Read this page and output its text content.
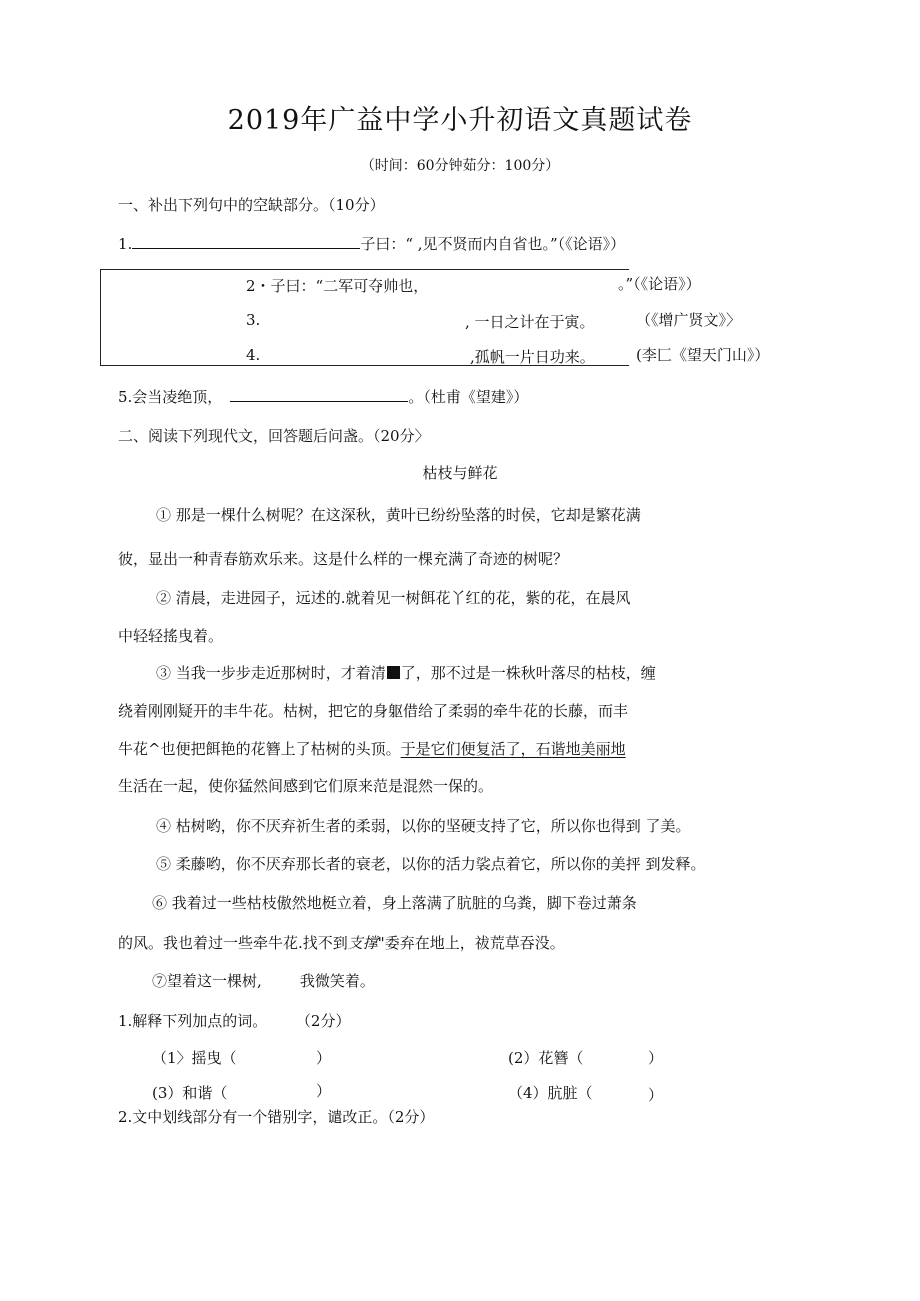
2019年广益中学小升初语文真题试卷
（时间：60分钟茹分：100分）
一、补出下列句中的空缺部分。（10分）
1.	子曰：“ ,见不贤而内自省也。”（《论语》）
2・子曰：“二军可夺帅也，	。”（《论语》）
3.	, 一日之计在于寅。	（《增广贤文》〉
4.	,孤帆一片日功来。	(李匚《望天门山》）
5.会当凌绝顶，	。（杜甫《望建》）
二、阅读下列现代文，回答题后问盏。（20分〉
枯枝与鲜花
① 那是一棵什么树呢？在这深秋，黄叶已纷纷坠落的时侯，它却是繁花满
彼，显出一种青春筋欢乐来。这是什么样的一棵充满了奇迹的树呢？
② 清晨，走进园子，远述的.就着见一树餌花丫红的花，紫的花，在晨风
中轻轻搖曳着。
③ 当我一步步走近那树时，才着清 了，那不过是一株秋叶落尽的枯枝，缠
绕着刚刚疑开的丰牛花。枯树，把它的身躯借给了柔弱的牵牛花的长藤，而丰
牛花^也便把餌艳的花簪上了枯树的头顶。于是它们便复活了，石谐地美丽地
生活在一起，使你猛然间感到它们原来范是混然一保的。
④ 枯树哟，你不厌弃祈生者的柔弱，以你的坚硬支持了它，所以你也得到 了美。
⑤ 柔藤哟，你不厌弃那长者的衰老，以你的活力裟点着它，所以你的美抨 到发释。
⑥ 我着过一些枯枝傲然地梃立着，身上落满了肮脏的乌粪，脚下卷过萧条
的风。我也着过一些牵牛花.找不到支撑"委弃在地上，祓荒草吞没。
⑦望着这一棵树,        我微笑着。
1.解释下列加点的词。      （2分）
（1〉摇曳（	）	(2）花簪（	）
(3）和谐（	）	（4）肮脏（	）
2.文中划线部分有一个错别字，谴改正。（2分）
